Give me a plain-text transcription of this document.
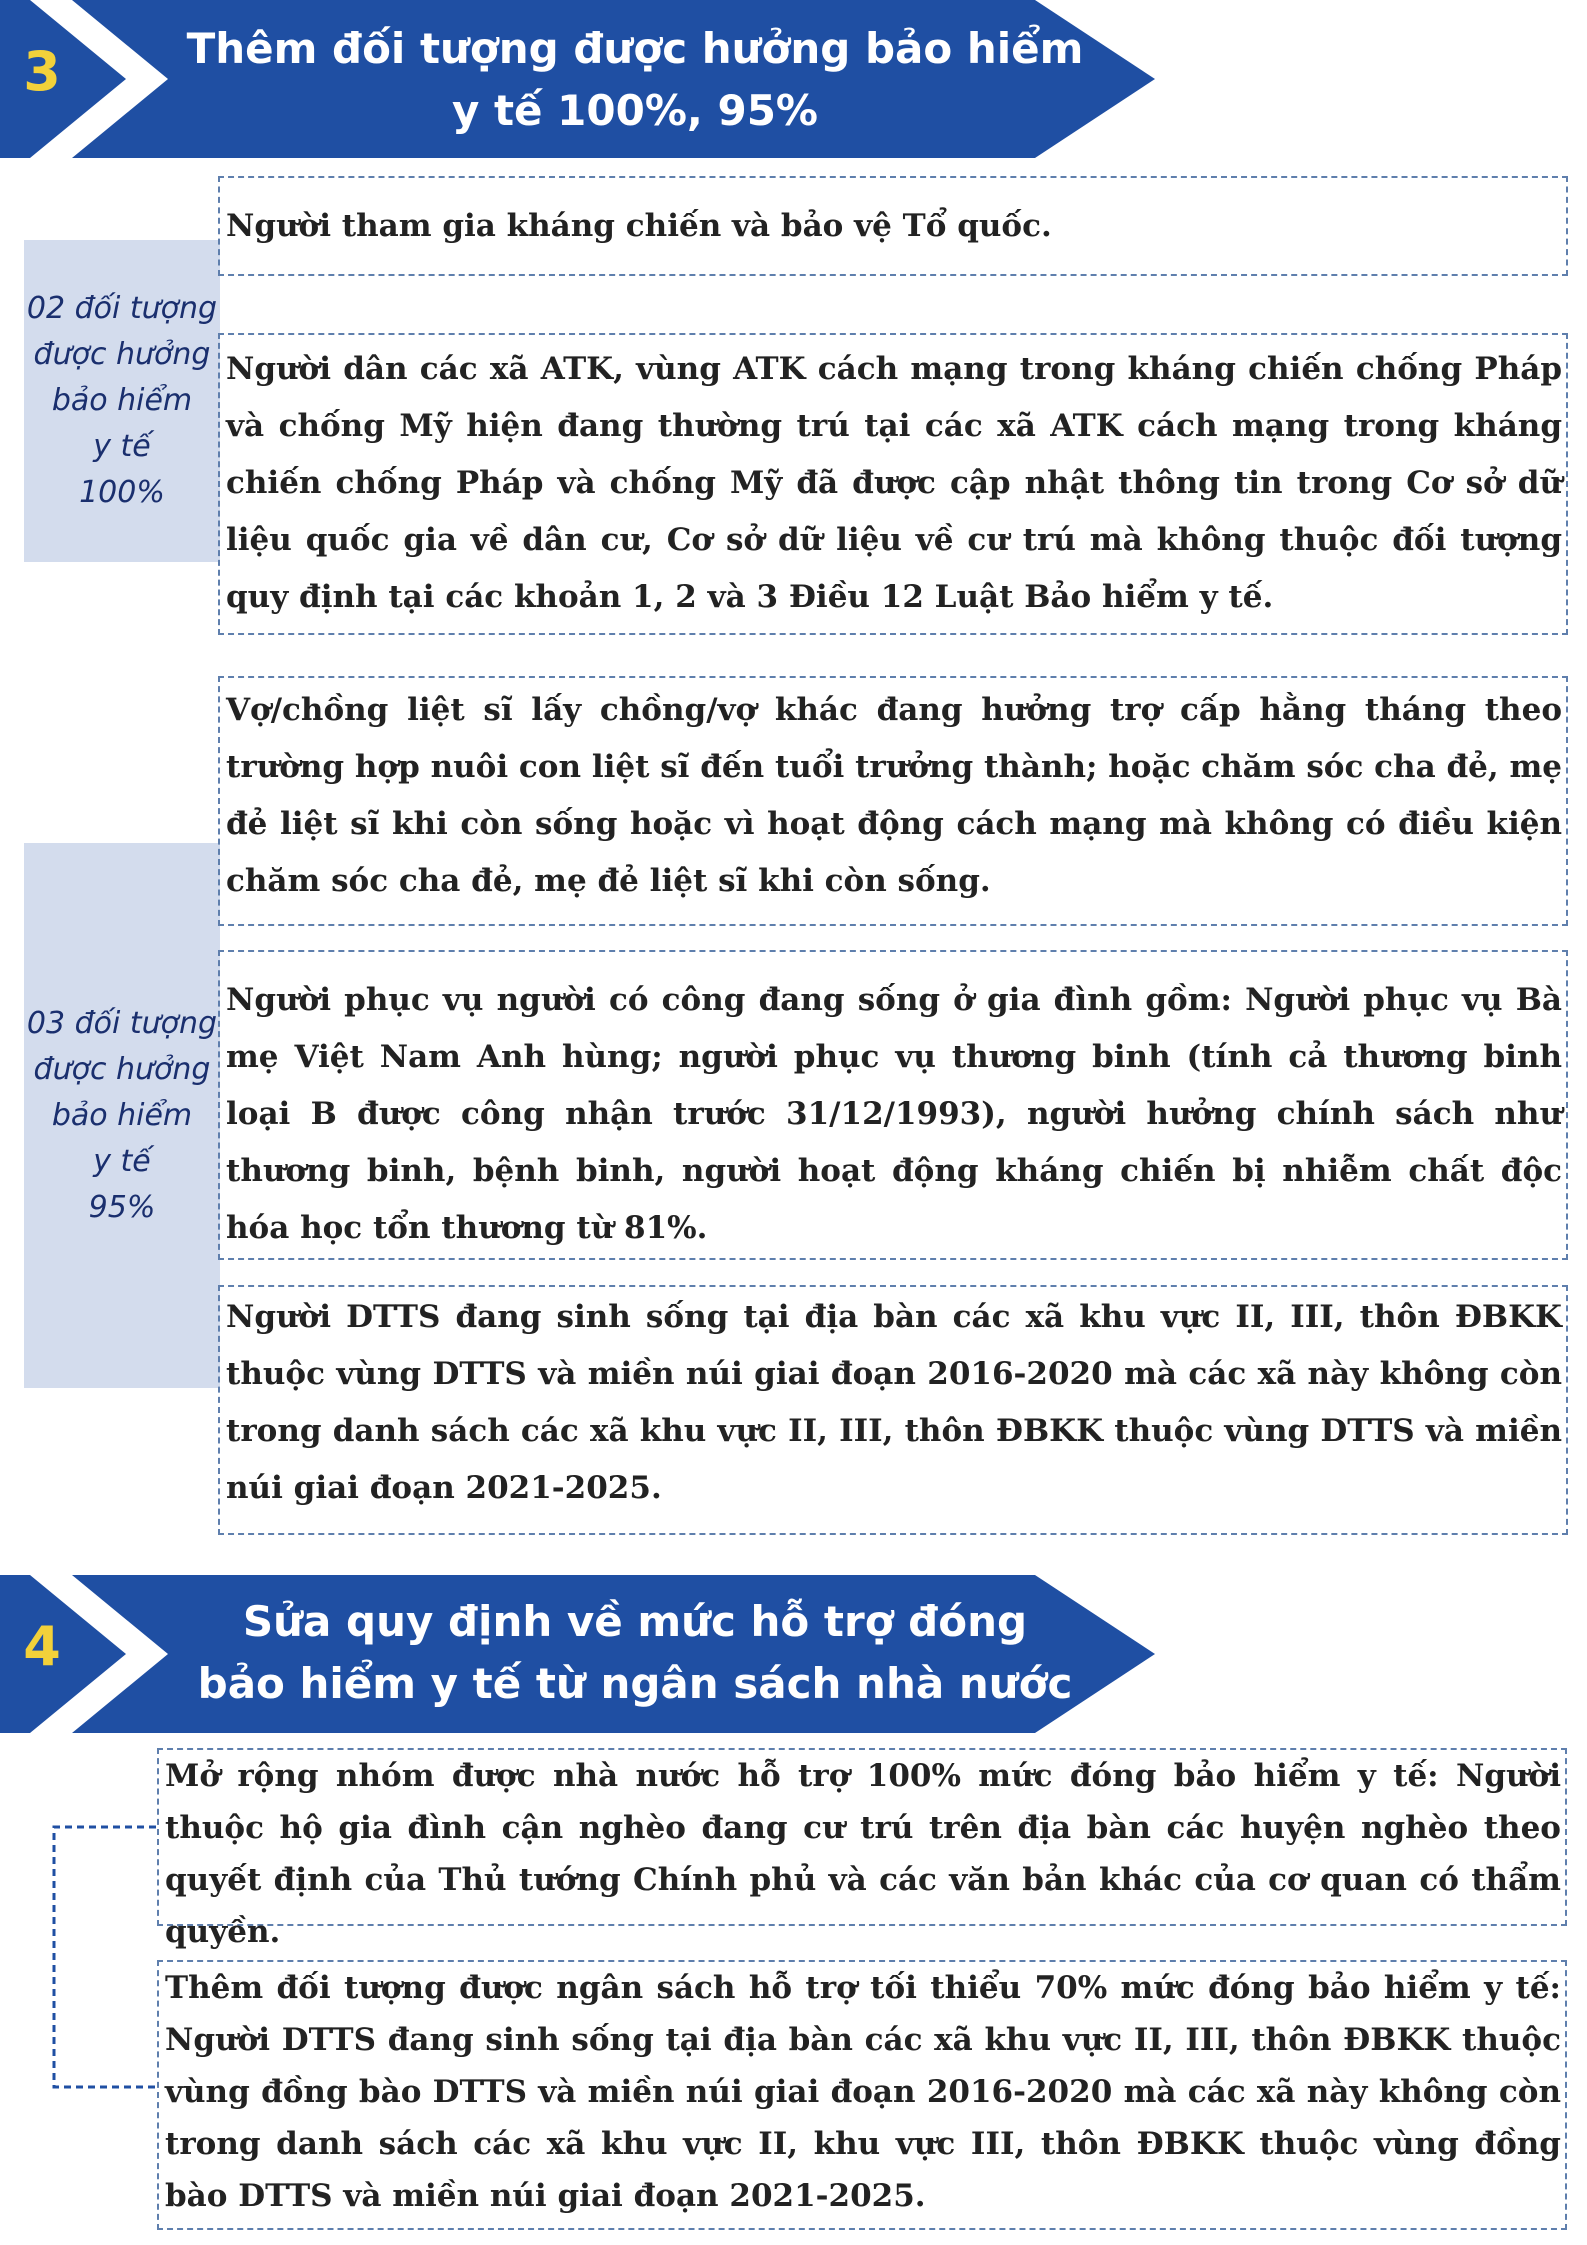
3	Thêm đối tượng được hưởng bảo hiểm
y tế 100%, 95%
02 đối tượng
được hưởng
bảo hiểm
y tế
100%
Người tham gia kháng chiến và bảo vệ Tổ quốc.
Người dân các xã ATK, vùng ATK cách mạng trong kháng chiến chống Pháp và chống Mỹ hiện đang thường trú tại các xã ATK cách mạng trong kháng chiến chống Pháp và chống Mỹ đã được cập nhật thông tin trong Cơ sở dữ liệu quốc gia về dân cư, Cơ sở dữ liệu về cư trú mà không thuộc đối tượng quy định tại các khoản 1, 2 và 3 Điều 12 Luật Bảo hiểm y tế.
03 đối tượng
được hưởng
bảo hiểm
y tế
95%
Vợ/chồng liệt sĩ lấy chồng/vợ khác đang hưởng trợ cấp hằng tháng theo trường hợp nuôi con liệt sĩ đến tuổi trưởng thành; hoặc chăm sóc cha đẻ, mẹ đẻ liệt sĩ khi còn sống hoặc vì hoạt động cách mạng mà không có điều kiện chăm sóc cha đẻ, mẹ đẻ liệt sĩ khi còn sống.
Người phục vụ người có công đang sống ở gia đình gồm: Người phục vụ Bà mẹ Việt Nam Anh hùng; người phục vụ thương binh (tính cả thương binh loại B được công nhận trước 31/12/1993), người hưởng chính sách như thương binh, bệnh binh, người hoạt động kháng chiến bị nhiễm chất độc hóa học tổn thương từ 81%.
Người DTTS đang sinh sống tại địa bàn các xã khu vực II, III, thôn ĐBKK thuộc vùng DTTS và miền núi giai đoạn 2016-2020 mà các xã này không còn trong danh sách các xã khu vực II, III, thôn ĐBKK thuộc vùng DTTS và miền núi giai đoạn 2021-2025.
4	Sửa quy định về mức hỗ trợ đóng
bảo hiểm y tế từ ngân sách nhà nước
Mở rộng nhóm được nhà nước hỗ trợ 100% mức đóng bảo hiểm y tế: Người thuộc hộ gia đình cận nghèo đang cư trú trên địa bàn các huyện nghèo theo quyết định của Thủ tướng Chính phủ và các văn bản khác của cơ quan có thẩm quyền.
Thêm đối tượng được ngân sách hỗ trợ tối thiểu 70% mức đóng bảo hiểm y tế: Người DTTS đang sinh sống tại địa bàn các xã khu vực II, III, thôn ĐBKK thuộc vùng đồng bào DTTS và miền núi giai đoạn 2016-2020 mà các xã này không còn trong danh sách các xã khu vực II, khu vực III, thôn ĐBKK thuộc vùng đồng bào DTTS và miền núi giai đoạn 2021-2025.
